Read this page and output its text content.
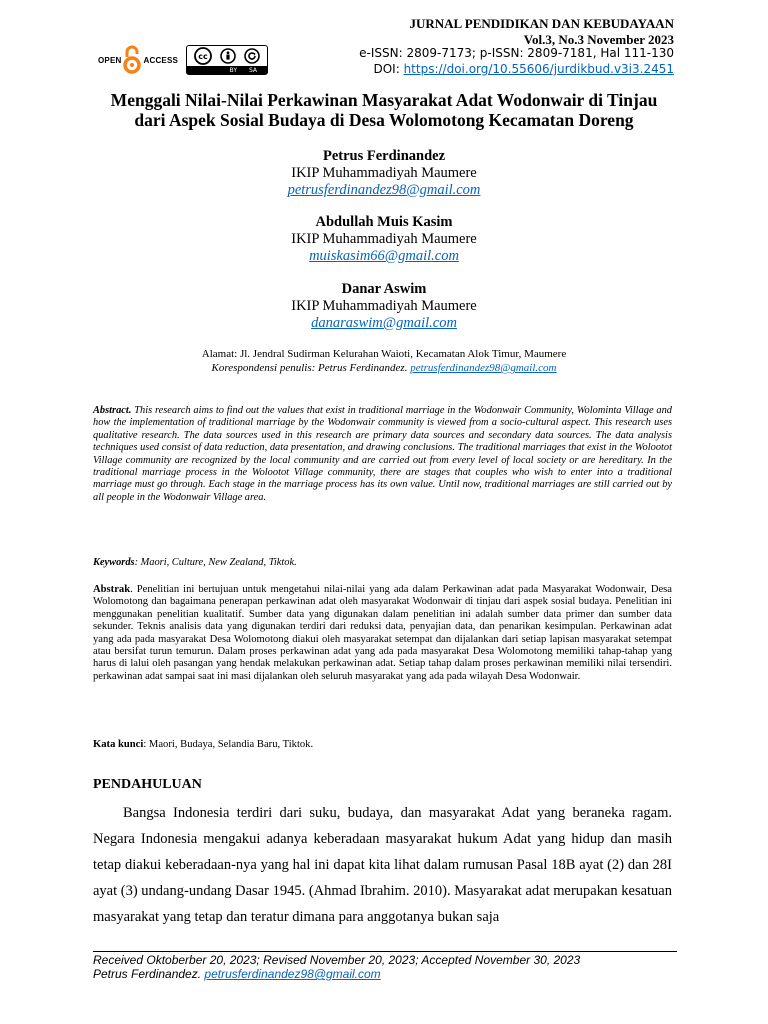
OPEN	ACCESS	cc
BY SA
JURNAL PENDIDIKAN DAN KEBUDAYAAN
Vol.3, No.3 November 2023
e-ISSN: 2809-7173; p-ISSN: 2809-7181, Hal 111-130
DOI: https://doi.org/10.55606/jurdikbud.v3i3.2451
Menggali Nilai-Nilai Perkawinan Masyarakat Adat Wodonwair di Tinjau
dari Aspek Sosial Budaya di Desa Wolomotong Kecamatan Doreng
Petrus Ferdinandez
IKIP Muhammadiyah Maumere
petrusferdinandez98@gmail.com
Abdullah Muis Kasim
IKIP Muhammadiyah Maumere
muiskasim66@gmail.com
Danar Aswim
IKIP Muhammadiyah Maumere
danaraswim@gmail.com
Alamat: Jl. Jendral Sudirman Kelurahan Waioti, Kecamatan Alok Timur, Maumere
Korespondensi penulis: Petrus Ferdinandez. petrusferdinandez98@gmail.com
Abstract. This research aims to find out the values that exist in traditional marriage in the Wodonwair Community, Wolominta Village and how the implementation of traditional marriage by the Wodonwair community is viewed from a socio-cultural aspect. This research uses qualitative research. The data sources used in this research are primary data sources and secondary data sources. The data analysis techniques used consist of data reduction, data presentation, and drawing conclusions. The traditional marriages that exist in the Wolootot Village community are recognized by the local community and are carried out from every level of local society or are hereditary. In the traditional marriage process in the Wolootot Village community, there are stages that couples who wish to enter into a traditional marriage must go through. Each stage in the marriage process has its own value. Until now, traditional marriages are still carried out by all people in the Wodonwair Village area.
Keywords: Maori, Culture, New Zealand, Tiktok.
Abstrak. Penelitian ini bertujuan untuk mengetahui nilai-nilai yang ada dalam Perkawinan adat pada Masyarakat Wodonwair, Desa Wolomotong dan bagaimana penerapan perkawinan adat oleh masyarakat Wodonwair di tinjau dari aspek sosial budaya. Penelitian ini menggunakan penelitian kualitatif. Sumber data yang digunakan dalam penelitian ini adalah sumber data primer dan sumber data sekunder. Teknis analisis data yang digunakan terdiri dari reduksi data, penyajian data, dan penarikan kesimpulan. Perkawinan adat yang ada pada masyarakat Desa Wolomotong diakui oleh masyarakat setempat dan dijalankan dari setiap lapisan masyarakat setempat atau bersifat turun temurun. Dalam proses perkawinan adat yang ada pada masyarakat Desa Wolomotong memiliki tahap-tahap yang harus di lalui oleh pasangan yang hendak melakukan perkawinan adat. Setiap tahap dalam proses perkawinan memiliki nilai tersendiri. perkawinan adat sampai saat ini masi dijalankan oleh seluruh masyarakat yang ada pada wilayah Desa Wodonwair.
Kata kunci: Maori, Budaya, Selandia Baru, Tiktok.
PENDAHULUAN
Bangsa Indonesia terdiri dari suku, budaya, dan masyarakat Adat yang beraneka ragam. Negara Indonesia mengakui adanya keberadaan masyarakat hukum Adat yang hidup dan masih tetap diakui keberadaan-nya yang hal ini dapat kita lihat dalam rumusan Pasal 18B ayat (2) dan 28I ayat (3) undang-undang Dasar 1945. (Ahmad Ibrahim. 2010). Masyarakat adat merupakan kesatuan masyarakat yang tetap dan teratur dimana para anggotanya bukan saja
Received Oktoberber 20, 2023; Revised November 20, 2023; Accepted November 30, 2023
Petrus Ferdinandez. petrusferdinandez98@gmail.com
